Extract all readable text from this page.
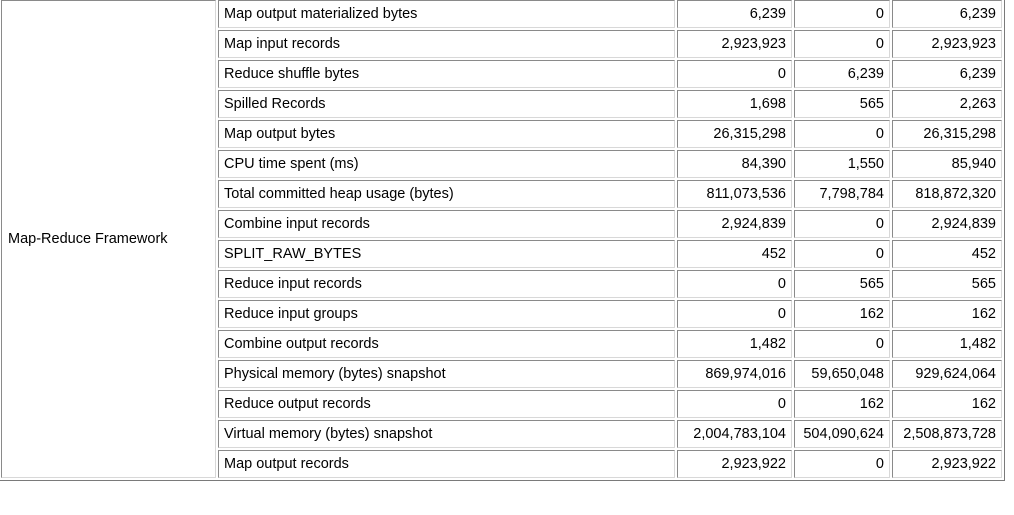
Map-Reduce Framework	Map output materialized bytes	6,239	0	6,239
	Map input records	2,923,923	0	2,923,923
	Reduce shuffle bytes	0	6,239	6,239
	Spilled Records	1,698	565	2,263
	Map output bytes	26,315,298	0	26,315,298
	CPU time spent (ms)	84,390	1,550	85,940
	Total committed heap usage (bytes)	811,073,536	7,798,784	818,872,320
	Combine input records	2,924,839	0	2,924,839
	SPLIT_RAW_BYTES	452	0	452
	Reduce input records	0	565	565
	Reduce input groups	0	162	162
	Combine output records	1,482	0	1,482
	Physical memory (bytes) snapshot	869,974,016	59,650,048	929,624,064
	Reduce output records	0	162	162
	Virtual memory (bytes) snapshot	2,004,783,104	504,090,624	2,508,873,728
	Map output records	2,923,922	0	2,923,922
